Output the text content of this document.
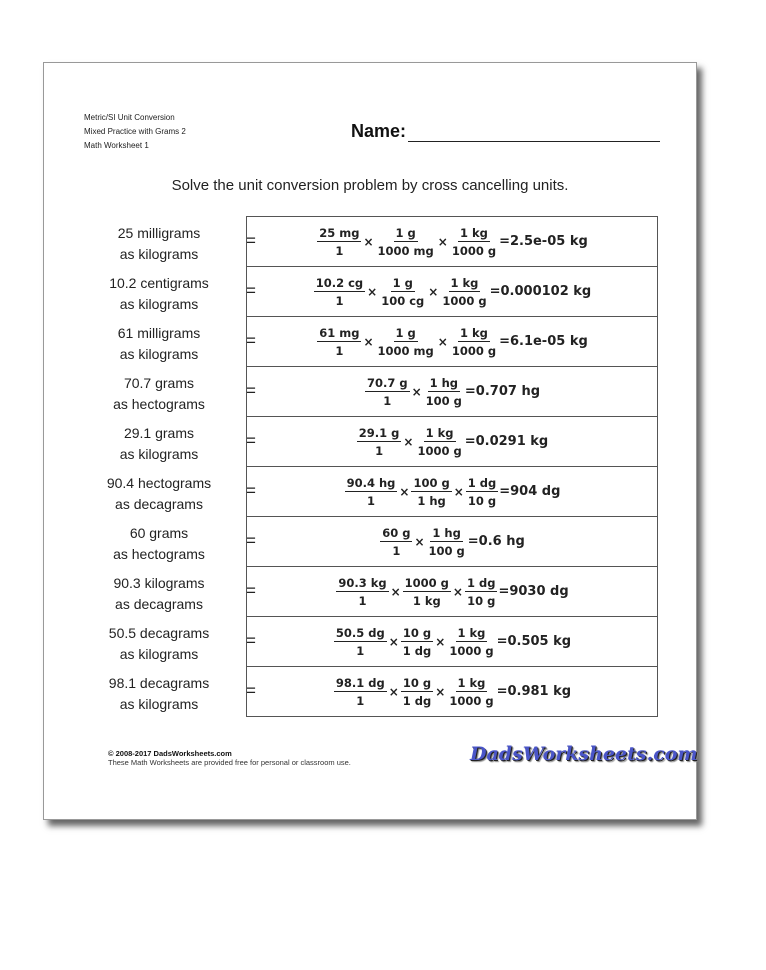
Metric/SI Unit Conversion
Mixed Practice with Grams 2
Math Worksheet 1
Name:
Solve the unit conversion problem by cross cancelling units.
25 milligrams
as kilograms
=
10.2 centigrams
as kilograms
=
61 milligrams
as kilograms
=
70.7 grams
as hectograms
=
29.1 grams
as kilograms
=
90.4 hectograms
as decagrams
=
60 grams
as hectograms
=
90.3 kilograms
as decagrams
=
50.5 decagrams
as kilograms
=
98.1 decagrams
as kilograms
=
$\frac{25 mg}{1} \times \frac{1 g}{1000 mg} \times \frac{1 kg}{1000 g} =2.5e-05$ kg
$\frac{10.2 cg}{1} \times \frac{1 g}{100 cg} \times \frac{1 kg}{1000 g} =0.000102$ kg
$\frac{61 mg}{1} \times \frac{1 g}{1000 mg} \times \frac{1 kg}{1000 g} =6.1e-05$ kg
$\frac{70.7 g}{1} \times \frac{1 hg}{100 g} =0.707$ hg
$\frac{29.1 g}{1} \times \frac{1 kg}{1000 g} =0.0291$ kg
$\frac{90.4 hg}{1} \times \frac{100 g}{1 hg} \times \frac{1 dg}{10 g} =904$ dg
$\frac{60 g}{1} \times \frac{1 hg}{100 g} =0.6$ hg
$\frac{90.3 kg}{1} \times \frac{1000 g}{1 kg} \times \frac{1 dg}{10 g} =9030$ dg
$\frac{50.5 dg}{1} \times \frac{10 g}{1 dg} \times \frac{1 kg}{1000 g} =0.505$ kg
$\frac{98.1 dg}{1} \times \frac{10 g}{1 dg} \times \frac{1 kg}{1000 g} =0.981$ kg
© 2008-2017 DadsWorksheets.com
These Math Worksheets are provided free for personal or classroom use.	DadsWorksheets.com
